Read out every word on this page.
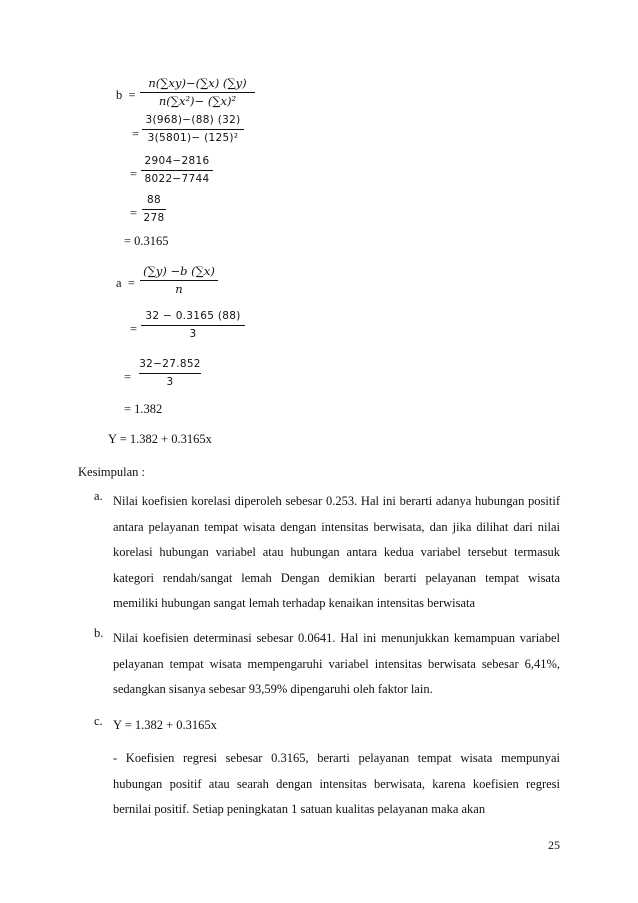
b =
n(∑xy)−(∑x) (∑y)
n(∑x²)− (∑x)²
=
3(968)−(88) (32)
3(5801)− (125)²
=
2904−2816
8022−7744
=
88
278
= 0.3165
a =
(∑y) −b (∑x)
n
=
32 − 0.3165 (88)
3
=
32−27.852
3
= 1.382
Y = 1.382 + 0.3165x
Kesimpulan :
a. Nilai koefisien korelasi diperoleh sebesar 0.253. Hal ini berarti adanya hubungan positif antara pelayanan tempat wisata dengan intensitas berwisata, dan jika dilihat dari nilai korelasi hubungan variabel atau hubungan antara kedua variabel tersebut termasuk kategori rendah/sangat lemah Dengan demikian berarti pelayanan tempat wisata memiliki hubungan sangat lemah terhadap kenaikan intensitas berwisata
b. Nilai koefisien determinasi sebesar 0.0641. Hal ini menunjukkan kemampuan variabel pelayanan tempat wisata mempengaruhi variabel intensitas berwisata sebesar 6,41%, sedangkan sisanya sebesar 93,59% dipengaruhi oleh faktor lain.
c. Y = 1.382 + 0.3165x
- Koefisien regresi sebesar 0.3165, berarti pelayanan tempat wisata mempunyai hubungan positif atau searah dengan intensitas berwisata, karena koefisien regresi bernilai positif. Setiap peningkatan 1 satuan kualitas pelayanan maka akan
25
